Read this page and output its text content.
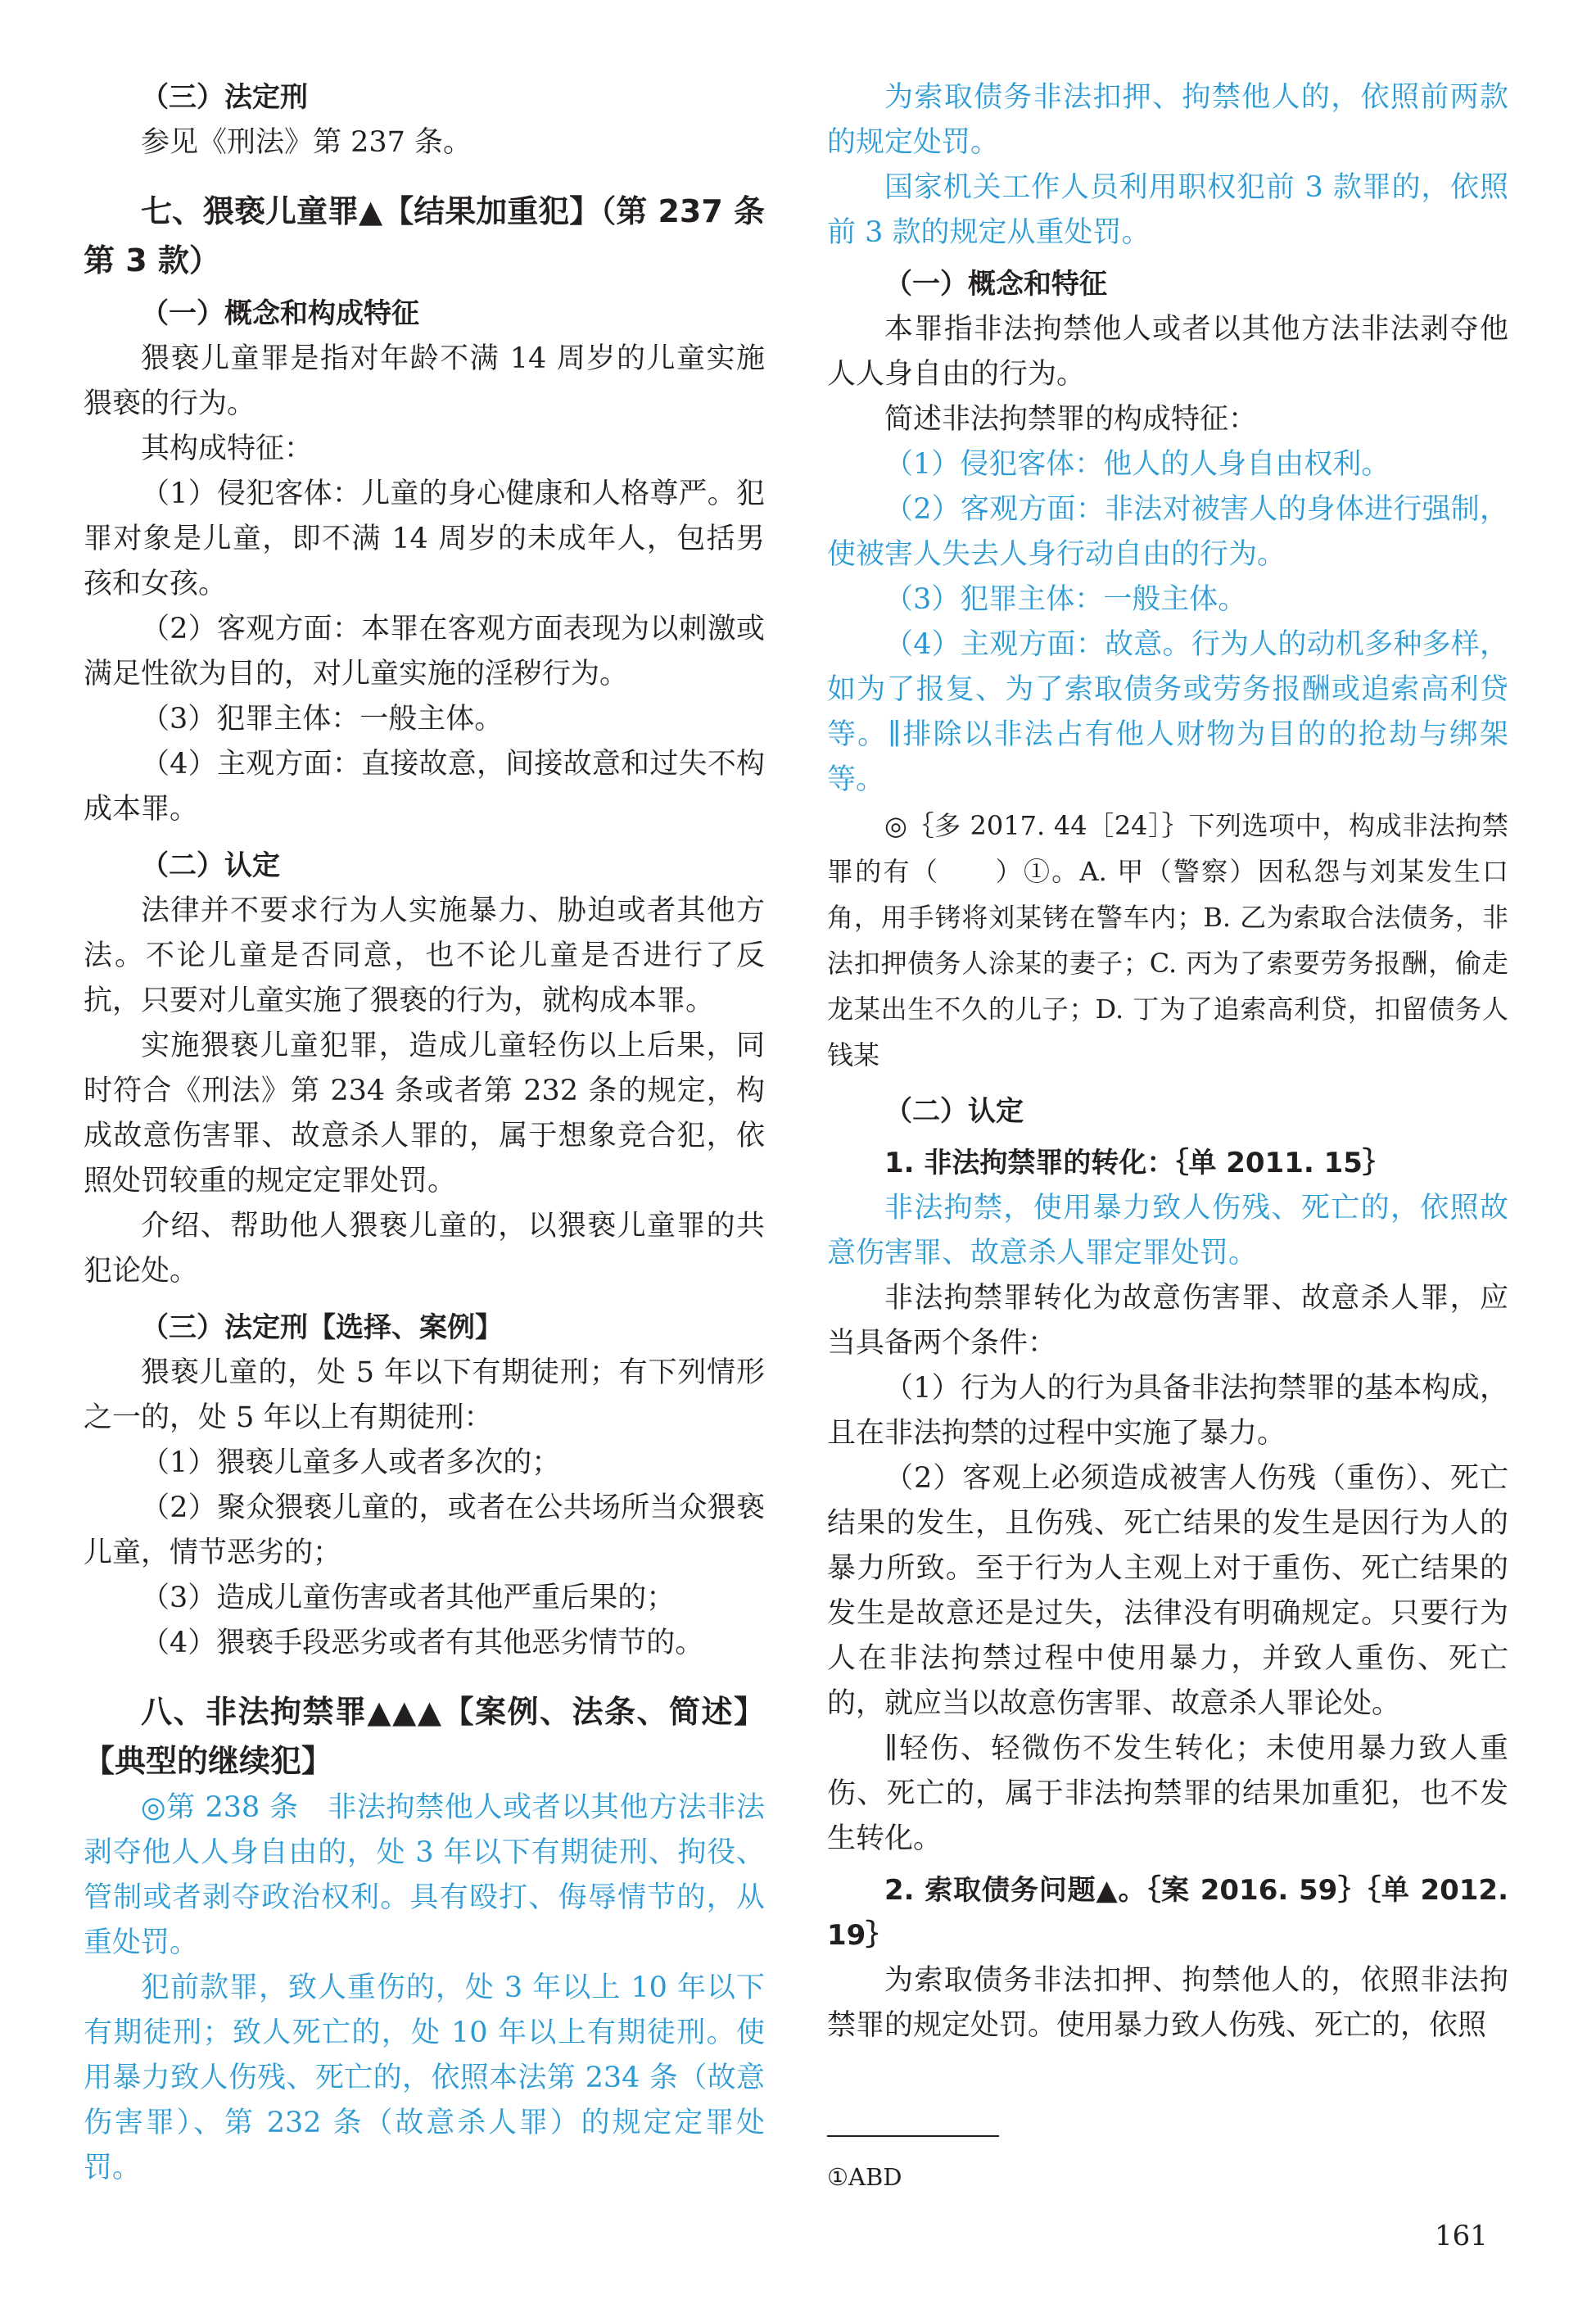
（三）法定刑

参见《刑法》第 237 条。

七、猥亵儿童罪▲【结果加重犯】（第 237 条第 3 款）

（一）概念和构成特征

猥亵儿童罪是指对年龄不满 14 周岁的儿童实施猥亵的行为。

其构成特征：

（1）侵犯客体：儿童的身心健康和人格尊严。犯罪对象是儿童，即不满 14 周岁的未成年人，包括男孩和女孩。

（2）客观方面：本罪在客观方面表现为以刺激或满足性欲为目的，对儿童实施的淫秽行为。

（3）犯罪主体：一般主体。

（4）主观方面：直接故意，间接故意和过失不构成本罪。

（二）认定

法律并不要求行为人实施暴力、胁迫或者其他方法。不论儿童是否同意，也不论儿童是否进行了反抗，只要对儿童实施了猥亵的行为，就构成本罪。

实施猥亵儿童犯罪，造成儿童轻伤以上后果，同时符合《刑法》第 234 条或者第 232 条的规定，构成故意伤害罪、故意杀人罪的，属于想象竞合犯，依照处罚较重的规定定罪处罚。

介绍、帮助他人猥亵儿童的，以猥亵儿童罪的共犯论处。

（三）法定刑【选择、案例】

猥亵儿童的，处 5 年以下有期徒刑；有下列情形之一的，处 5 年以上有期徒刑：

（1）猥亵儿童多人或者多次的；

（2）聚众猥亵儿童的，或者在公共场所当众猥亵儿童，情节恶劣的；

（3）造成儿童伤害或者其他严重后果的；

（4）猥亵手段恶劣或者有其他恶劣情节的。

八、非法拘禁罪▲▲▲【案例、法条、简述】【典型的继续犯】

◎第 238 条　非法拘禁他人或者以其他方法非法剥夺他人人身自由的，处 3 年以下有期徒刑、拘役、管制或者剥夺政治权利。具有殴打、侮辱情节的，从重处罚。

犯前款罪，致人重伤的，处 3 年以上 10 年以下有期徒刑；致人死亡的，处 10 年以上有期徒刑。使用暴力致人伤残、死亡的，依照本法第 234 条（故意伤害罪）、第 232 条（故意杀人罪）的规定定罪处罚。

为索取债务非法扣押、拘禁他人的，依照前两款的规定处罚。

国家机关工作人员利用职权犯前 3 款罪的，依照前 3 款的规定从重处罚。

（一）概念和特征

本罪指非法拘禁他人或者以其他方法非法剥夺他人人身自由的行为。

简述非法拘禁罪的构成特征：

（1）侵犯客体：他人的人身自由权利。

（2）客观方面：非法对被害人的身体进行强制，使被害人失去人身行动自由的行为。

（3）犯罪主体：一般主体。

（4）主观方面：故意。行为人的动机多种多样，如为了报复、为了索取债务或劳务报酬或追索高利贷等。∥排除以非法占有他人财物为目的的抢劫与绑架等。

◎｛多 2017. 44［24］｝下列选项中，构成非法拘禁罪的有（　　）①。A. 甲（警察）因私怨与刘某发生口角，用手铐将刘某铐在警车内；B. 乙为索取合法债务，非法扣押债务人涂某的妻子；C. 丙为了索要劳务报酬，偷走龙某出生不久的儿子；D. 丁为了追索高利贷，扣留债务人钱某

（二）认定

1. 非法拘禁罪的转化：｛单 2011. 15｝

非法拘禁，使用暴力致人伤残、死亡的，依照故意伤害罪、故意杀人罪定罪处罚。

非法拘禁罪转化为故意伤害罪、故意杀人罪，应当具备两个条件：

（1）行为人的行为具备非法拘禁罪的基本构成，且在非法拘禁的过程中实施了暴力。

（2）客观上必须造成被害人伤残（重伤）、死亡结果的发生，且伤残、死亡结果的发生是因行为人的暴力所致。至于行为人主观上对于重伤、死亡结果的发生是故意还是过失，法律没有明确规定。只要行为人在非法拘禁过程中使用暴力，并致人重伤、死亡的，就应当以故意伤害罪、故意杀人罪论处。

∥轻伤、轻微伤不发生转化；未使用暴力致人重伤、死亡的，属于非法拘禁罪的结果加重犯，也不发生转化。

2. 索取债务问题▲。｛案 2016. 59｝｛单 2012. 19｝

为索取债务非法扣押、拘禁他人的，依照非法拘禁罪的规定处罚。使用暴力致人伤残、死亡的，依照

①ABD
161
